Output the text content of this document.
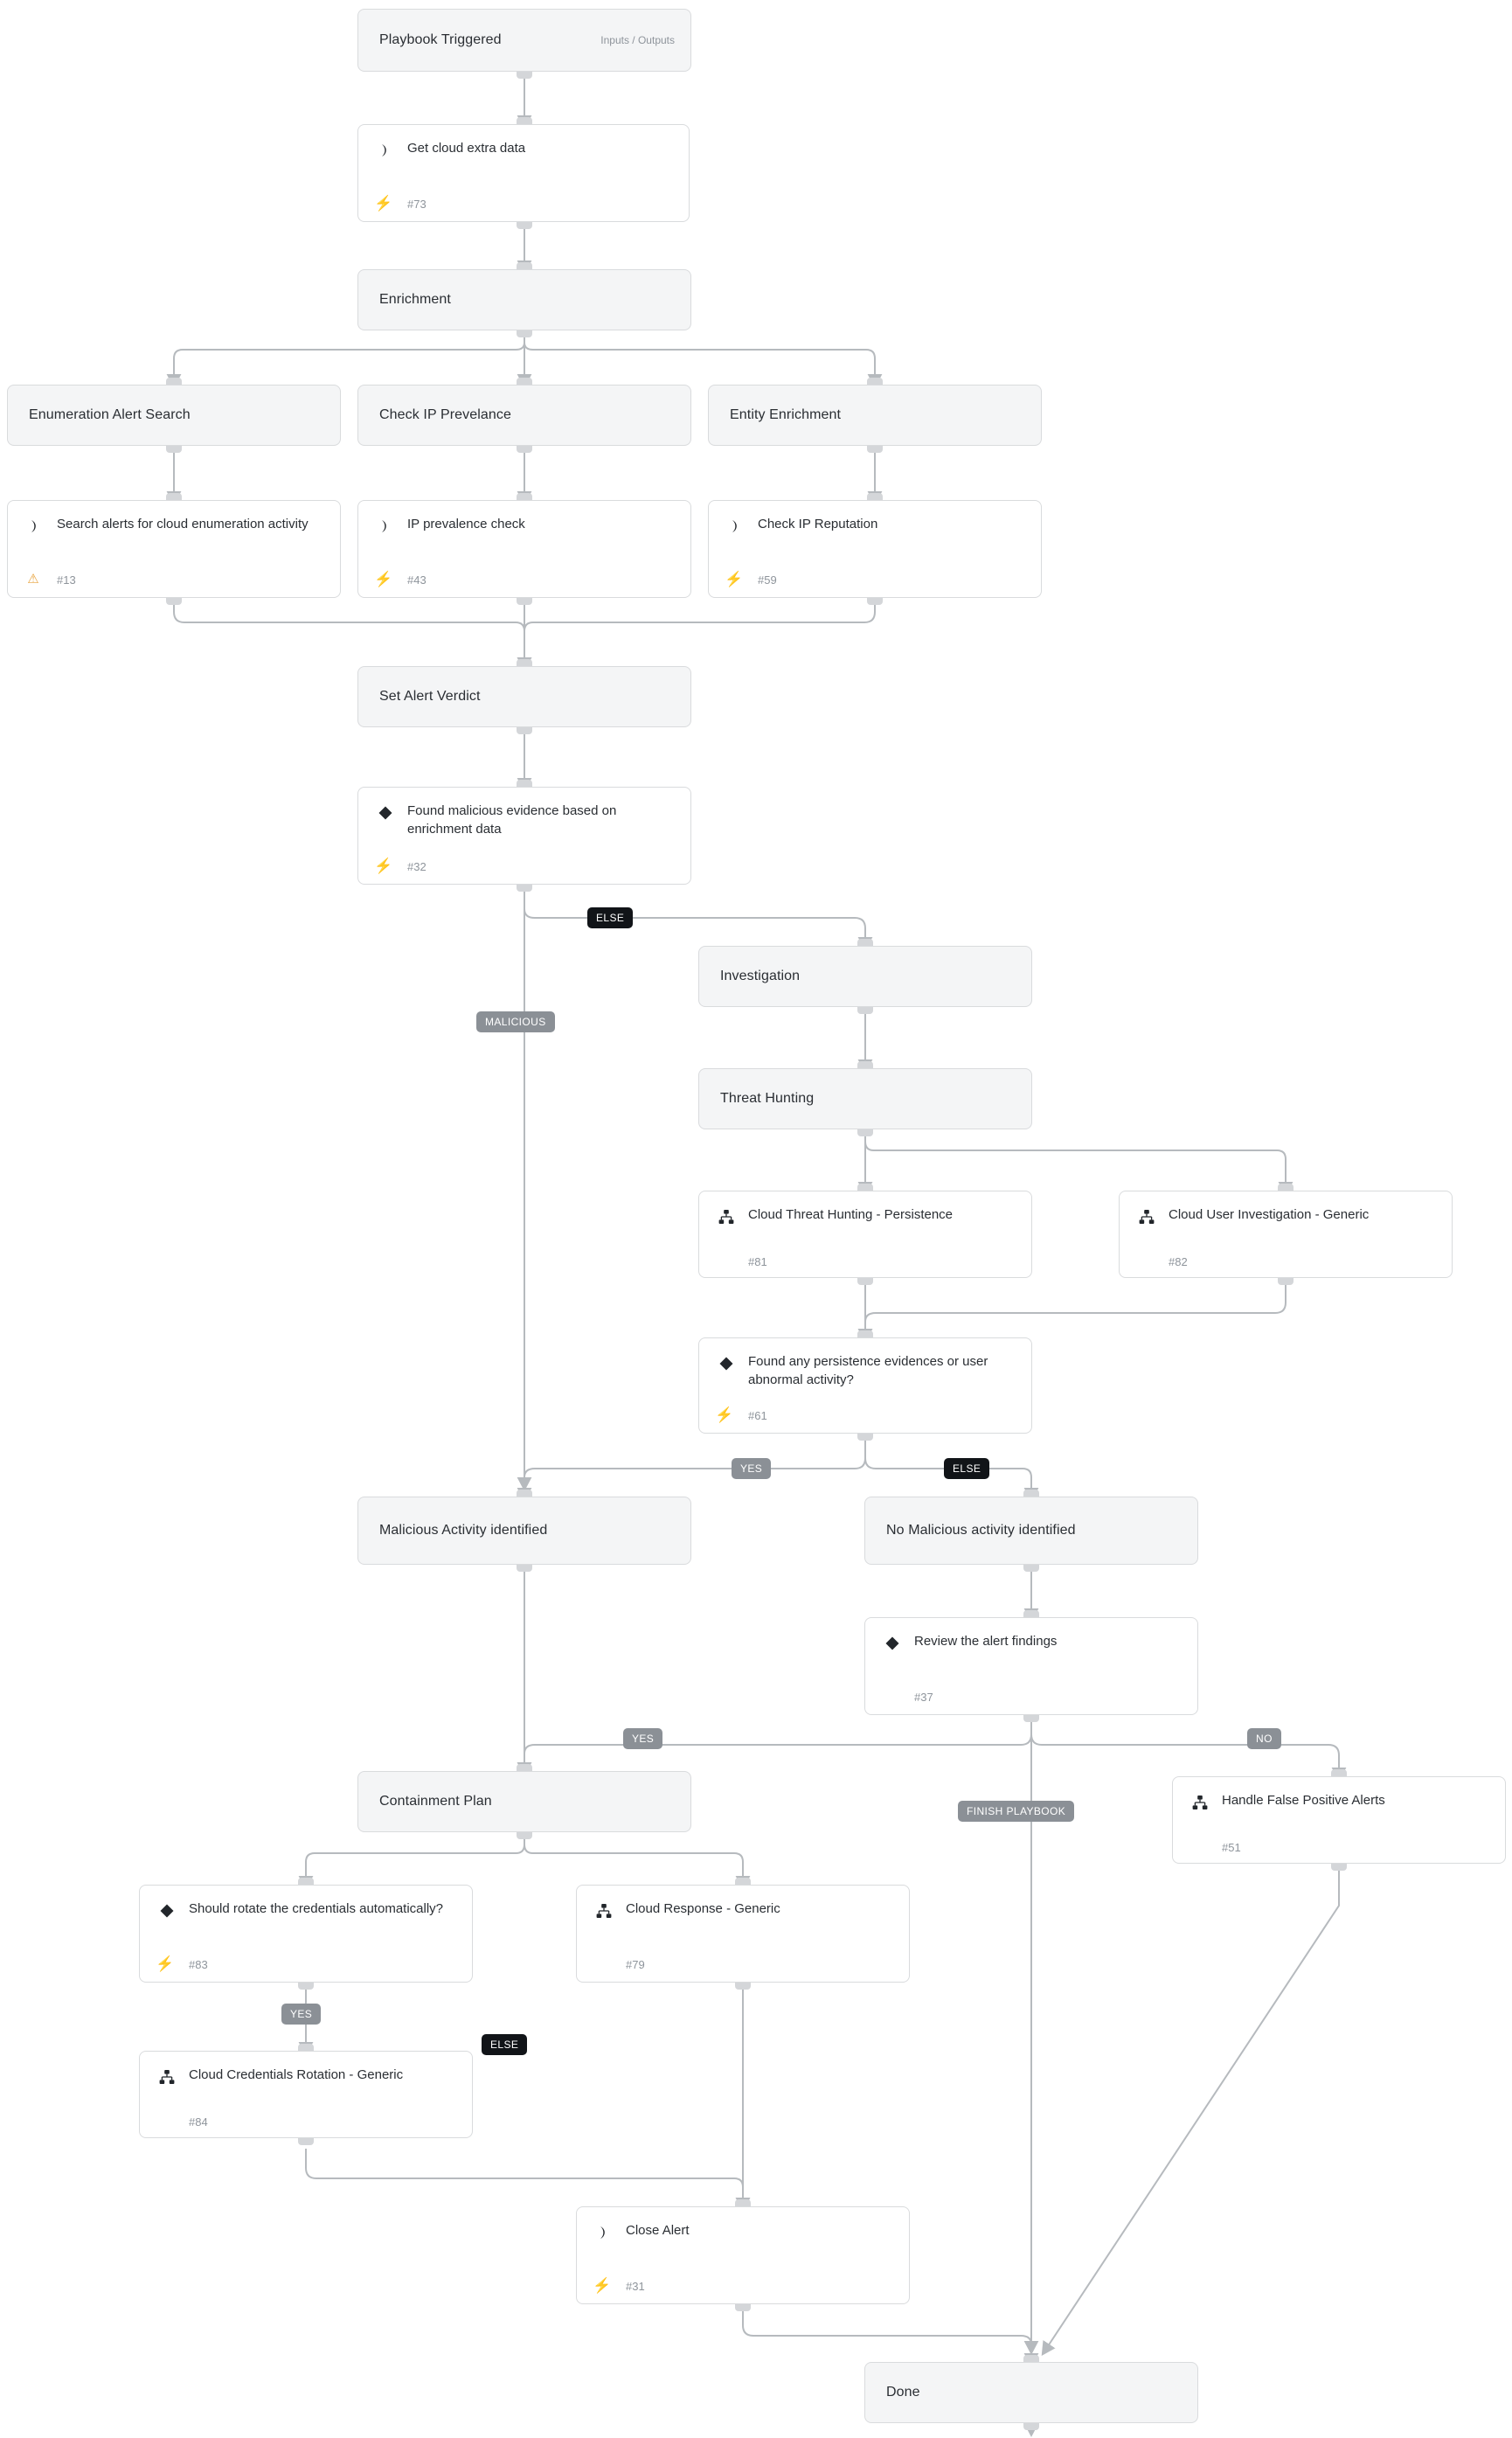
Playbook Triggered	Inputs / Outputs
Get cloud extra data
⚡ #73
Enrichment
Enumeration Alert Search	Check IP Prevelance	Entity Enrichment
Search alerts for cloud enumeration activity
⚠ #13
IP prevalence check
⚡ #43
Check IP Reputation
⚡ #59
Set Alert Verdict
Found malicious evidence based on enrichment data
⚡ #32
ELSE
MALICIOUS
Investigation
Threat Hunting
Cloud Threat Hunting - Persistence
#81
Cloud User Investigation - Generic
#82
Found any persistence evidences or user abnormal activity?
⚡ #61
YES	ELSE
Malicious Activity identified	No Malicious activity identified
Review the alert findings
#37
YES	NO
FINISH PLAYBOOK
Containment Plan	Handle False Positive Alerts
#51
Should rotate the credentials automatically?
⚡ #83
Cloud Response - Generic
#79
YES
ELSE
Cloud Credentials Rotation - Generic
#84
Close Alert
⚡ #31
Done
